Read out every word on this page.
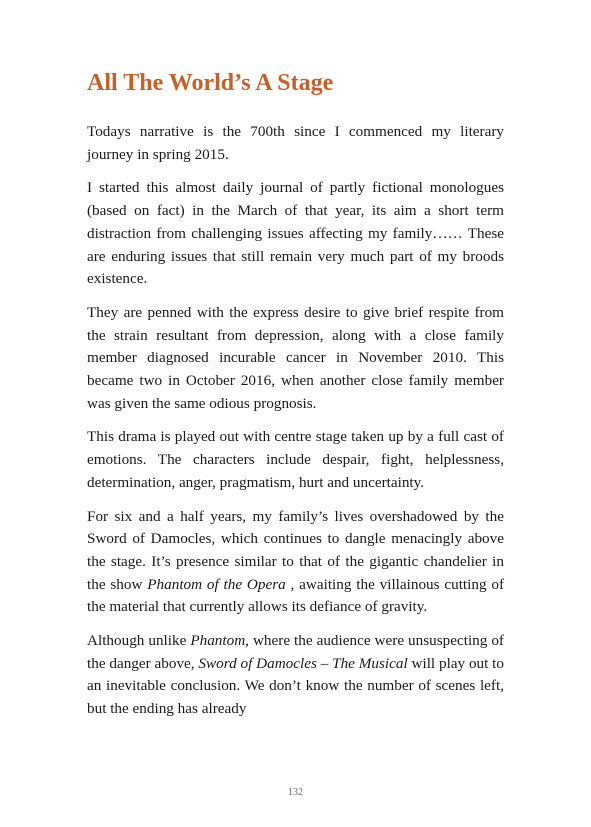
All The World’s A Stage

Todays narrative is the 700th since I commenced my literary journey in spring 2015.

I started this almost daily journal of partly fictional monologues (based on fact) in the March of that year, its aim a short term distraction from challenging issues affecting my family…… These are enduring issues that still remain very much part of my broods existence.

They are penned with the express desire to give brief respite from the strain resultant from depression, along with a close family member diagnosed incurable cancer in November 2010. This became two in October 2016, when another close family member was given the same odious prognosis.

This drama is played out with centre stage taken up by a full cast of emotions. The characters include despair, fight, helplessness, determination, anger, pragmatism, hurt and uncertainty.

For six and a half years, my family’s lives overshadowed by the Sword of Damocles, which continues to dangle menacingly above the stage. It’s presence similar to that of the gigantic chandelier in the show Phantom of the Opera , awaiting the villainous cutting of the material that currently allows its defiance of gravity.

Although unlike Phantom, where the audience were unsuspecting of the danger above, Sword of Damocles – The Musical will play out to an inevitable conclusion. We don’t know the number of scenes left, but the ending has already

132
